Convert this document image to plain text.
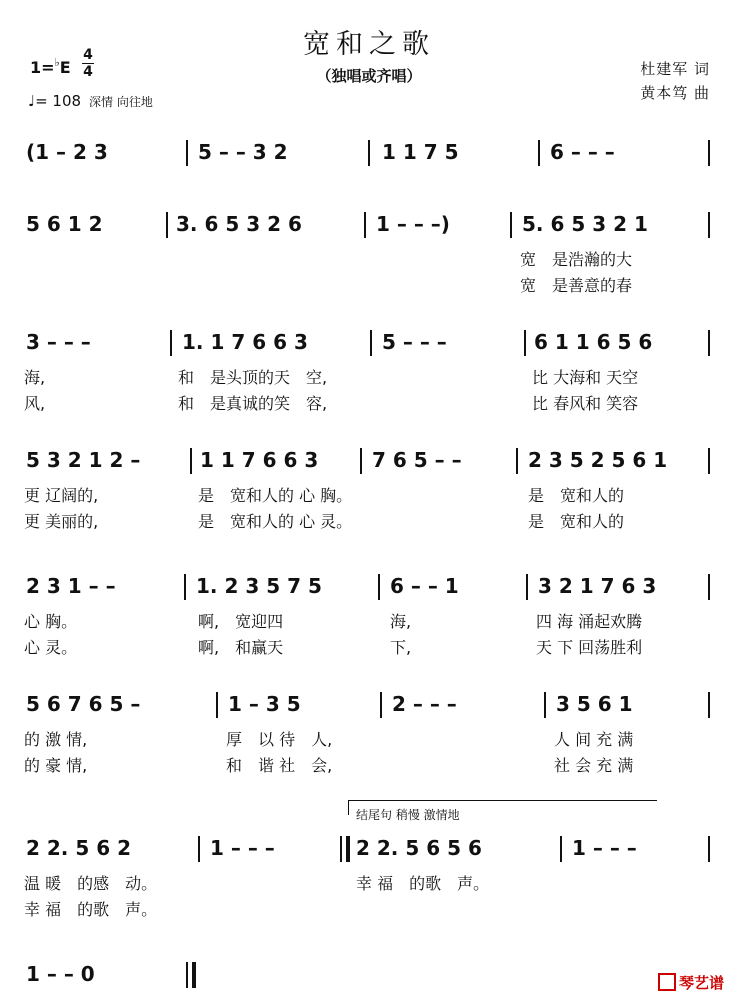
宽和之歌
（独唱或齐唱）
1=♭E
4
4
♩= 108 深情 向往地
杜建军 词
黄本笃 曲
(1 – 2 3	5 – – 3 2	1 1 7 5	6 – – –
5 6 1 2	3. 6 5 3 2 6	1 – – –)	5. 6 5 3 2 1
宽　是浩瀚的大
宽　是善意的春
3 – – –	1. 1 7 6 6 3	5 – – –	6 1 1 6 5 6
海,	和　是头顶的天　空,	比 大海和 天空
风,	和　是真诚的笑　容,	比 春风和 笑容
5 3 2 1 2 –	1 1 7 6 6 3	7 6 5 – –	2 3 5 2 5 6 1
更 辽阔的,	是　宽和人的 心 胸。	是　宽和人的
更 美丽的,	是　宽和人的 心 灵。	是　宽和人的
2 3 1 – –	1. 2 3 5 7 5	6 – – 1	3 2 1 7 6 3
心 胸。	啊,　宽迎四	海,	四 海 涌起欢腾
心 灵。	啊,　和赢天	下,	天 下 回荡胜利
5 6 7 6 5 –	1 – 3 5	2 – – –	3 5 6 1
的 激 情,	厚　以 待　人,	人 间 充 满
的 豪 情,	和　谐 社　会,	社 会 充 满
结尾句 稍慢 激情地
2 2. 5 6 2	1 – – –	2 2. 5 6 5 6	1 – – –
温 暖　的感　动。	幸 福　的歌　声。
幸 福　的歌　声。
1 – – 0	琴艺谱
